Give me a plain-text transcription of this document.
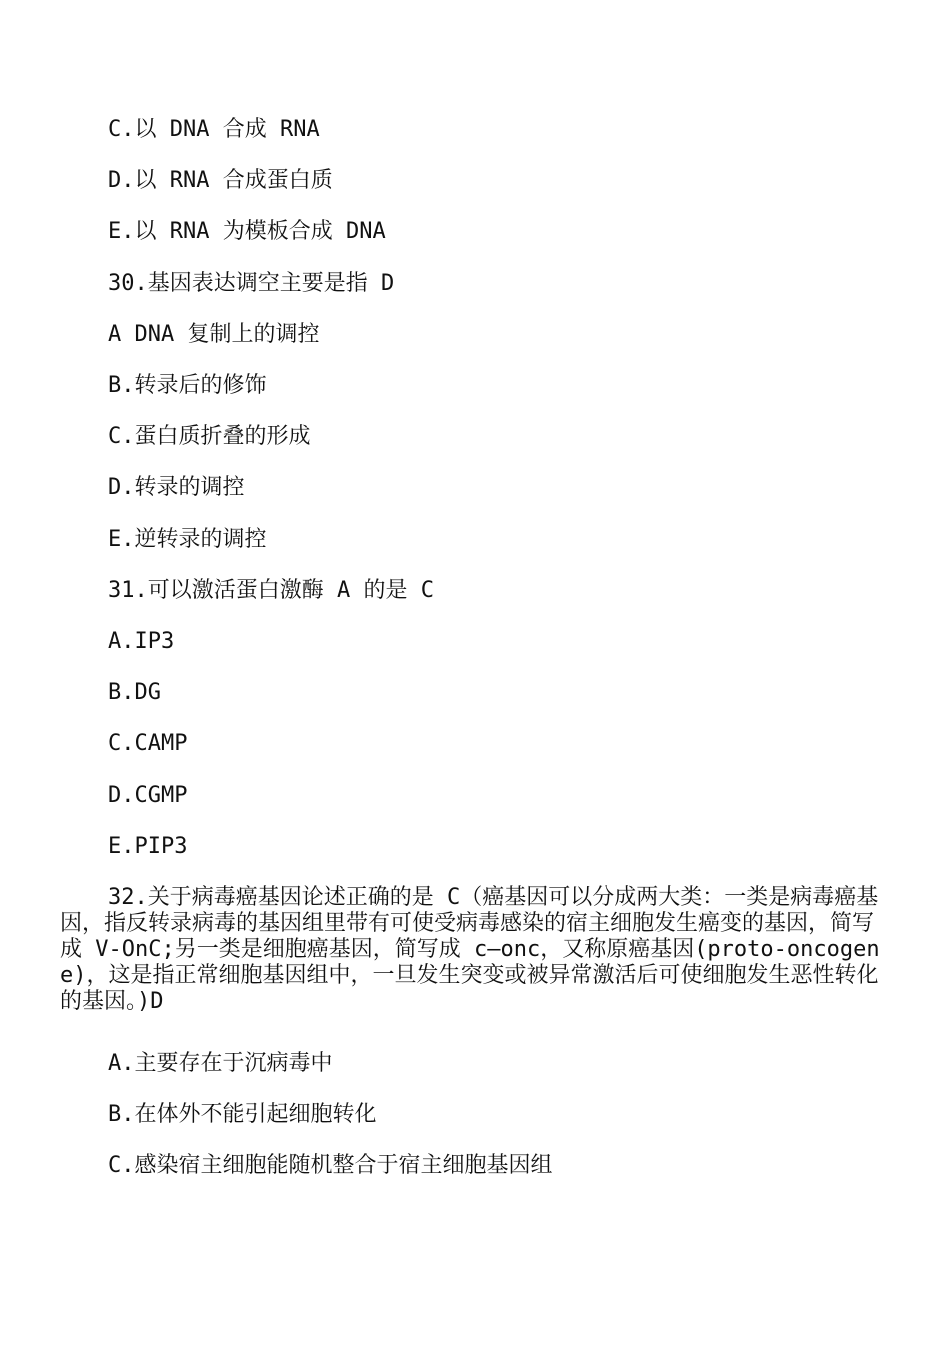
C.以 DNA 合成 RNA
D.以 RNA 合成蛋白质
E.以 RNA 为模板合成 DNA
30.基因表达调空主要是指 D
A DNA 复制上的调控
B.转录后的修饰
C.蛋白质折叠的形成
D.转录的调控
E.逆转录的调控
31.可以激活蛋白激酶 A 的是 C
A.IP3
B.DG
C.CAMP
D.CGMP
E.PIP3
32.关于病毒癌基因论述正确的是 C（癌基因可以分成两大类：一类是病毒癌基因，指反转录病毒的基因组里带有可使受病毒感染的宿主细胞发生癌变的基因，简写成 V-OnC;另一类是细胞癌基因，简写成 c—onc，又称原癌基因(proto-oncogene)，这是指正常细胞基因组中，一旦发生突变或被异常激活后可使细胞发生恶性转化的基因。)D
A.主要存在于沉病毒中
B.在体外不能引起细胞转化
C.感染宿主细胞能随机整合于宿主细胞基因组
